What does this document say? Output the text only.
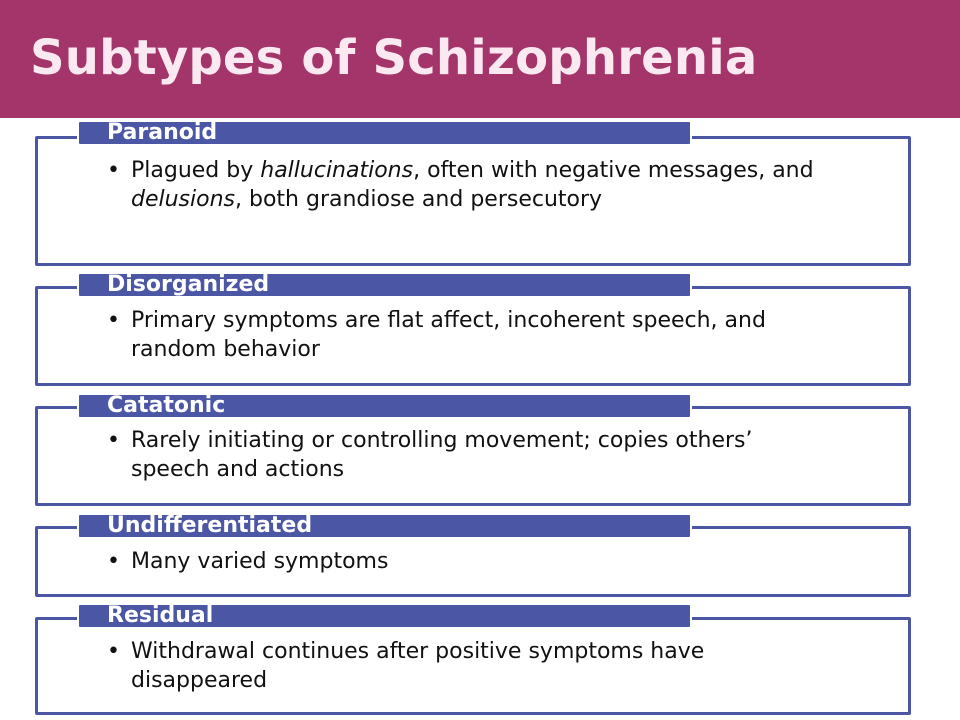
Subtypes of Schizophrenia
Paranoid
• Plagued by hallucinations, often with negative messages, and delusions, both grandiose and persecutory
Disorganized
• Primary symptoms are flat affect, incoherent speech, and random behavior
Catatonic
• Rarely initiating or controlling movement; copies others’ speech and actions
Undifferentiated
• Many varied symptoms
Residual
• Withdrawal continues after positive symptoms have disappeared
